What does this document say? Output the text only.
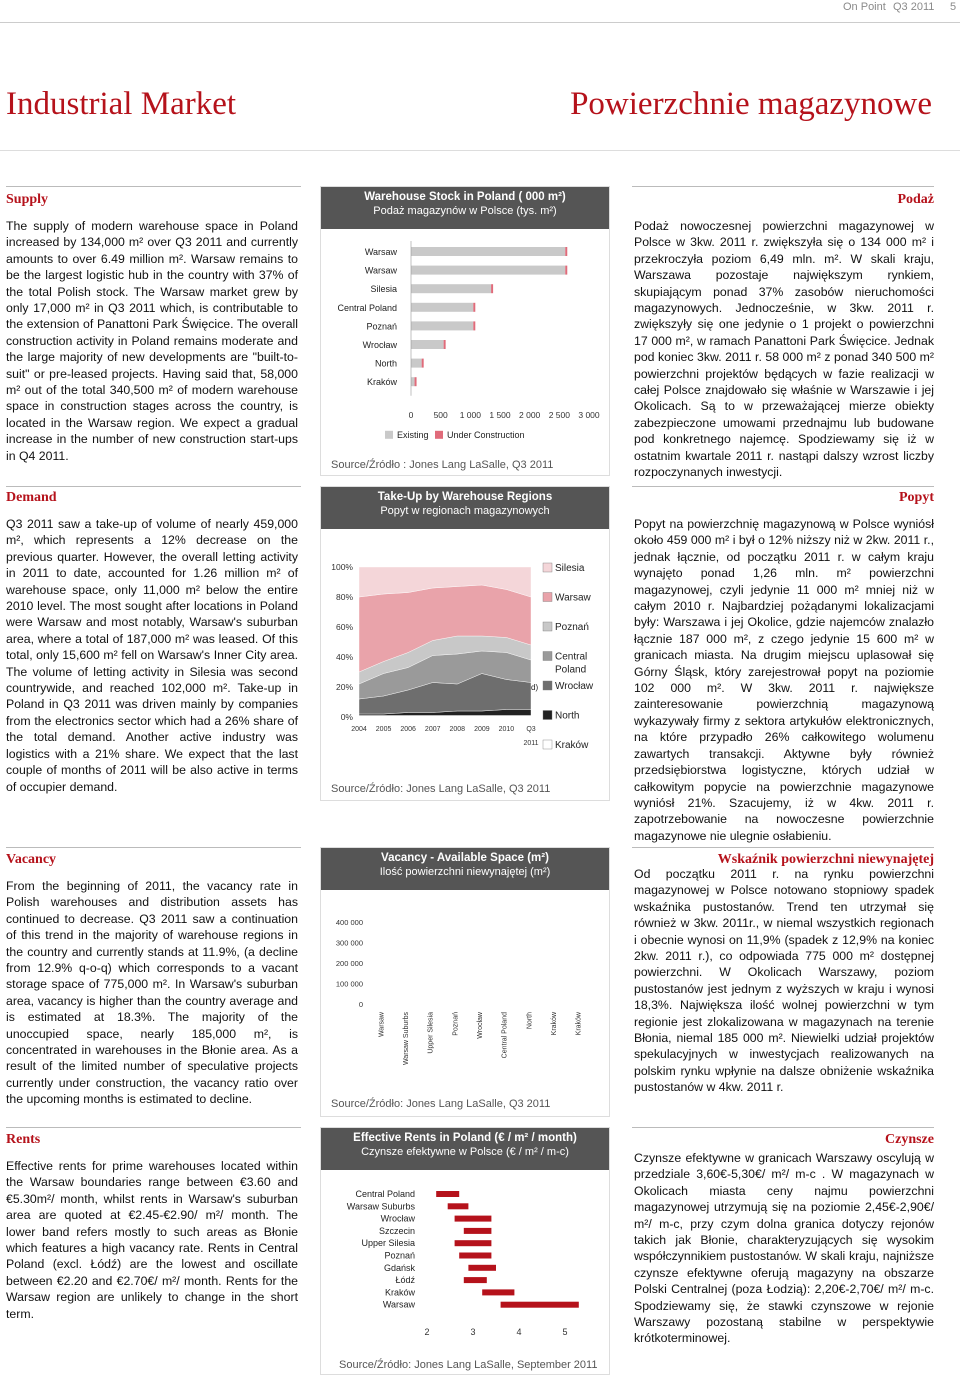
On Point Q3 2011 5
Industrial Market	Powierzchnie magazynowe
Supply	Podaż
The supply of modern warehouse space in Poland increased by 134,000 m² over Q3 2011 and currently amounts to over 6.49 million m². Warsaw remains to be the largest logistic hub in the country with 37% of the total Polish stock. The Warsaw market grew by only 17,000 m² in Q3 2011 which, is contributable to the extension of Panattoni Park Święcice. The overall construction activity in Poland remains moderate and the large majority of new developments are "built-to-suit" or pre-leased projects. Having said that, 58,000 m² out of the total 340,500 m² of modern warehouse space in construction stages across the country, is located in the Warsaw region. We expect a gradual increase in the number of new construction start-ups in Q4 2011.
Podaż nowoczesnej powierzchni magazynowej w Polsce w 3kw. 2011 r. zwiększyła się o 134 000 m² i przekroczyła poziom 6,49 mln. m². W skali kraju, Warszawa pozostaje największym rynkiem, skupiającym ponad 37% zasobów nieruchomości magazynowych. Jednocześnie, w 3kw. 2011 r. zwiększyły się one jedynie o 1 projekt o powierzchni 17 000 m², w ramach Panattoni Park Święcice. Jednak pod koniec 3kw. 2011 r. 58 000 m² z ponad 340 500 m² powierzchni projektów będących w fazie realizacji w całej Polsce znajdowało się właśnie w Warszawie i jej Okolicach. Są to w przeważającej mierze obiekty zabezpieczone umowami przednajmu lub budowane pod konkretnego najemcę. Spodziewamy się iż w ostatnim kwartale 2011 r. nastąpi dalszy wzrost liczby rozpoczynanych inwestycji.
Warehouse Stock in Poland ( 000 m²)
Podaż magazynów w Polsce (tys. m²)
Warsaw
Warsaw
Silesia
Central Poland
Poznań
Wrocław
North
Kraków
0 500 1 000 1 500 2 000 2 500 3 000
Existing Under Construction
Source/Źródło : Jones Lang LaSalle, Q3 2011
Demand	Popyt
Q3 2011 saw a take-up of volume of nearly 459,000 m², which represents a 12% decrease on the previous quarter. However, the overall letting activity in 2011 to date, accounted for 1.26 million m² of warehouse space, only 11,000 m² below the entire 2010 level. The most sought after locations in Poland were Warsaw and most notably, Warsaw's suburban area, where a total of 187,000 m² was leased. Of this total, only 15,600 m² fell on Warsaw's Inner City area. The volume of letting activity in Silesia was second countrywide, and reached 102,000 m². Take-up in Poland in Q3 2011 was driven mainly by companies from the electronics sector which had a 26% share of the total demand. Another active industry was logistics with a 21% share. We expect that the last couple of months of 2011 will be also active in terms of occupier demand.
Popyt na powierzchnię magazynową w Polsce wyniósł około 459 000 m² i był o 12% niższy niż w 2kw. 2011 r., jednak łącznie, od początku 2011 r. w całym kraju wynajęto ponad 1,26 mln. m² powierzchni magazynowej, czyli jedynie 11 000 m² mniej niż w całym 2010 r. Najbardziej pożądanymi lokalizacjami były: Warszawa i jej Okolice, gdzie najemców znalazło łącznie 187 000 m², z czego jedynie 15 600 m² w granicach miasta. Na drugim miejscu uplasował się Górny Śląsk, który zarejestrował popyt na poziomie 102 000 m². W 3kw. 2011 r. największe zainteresowanie powierzchnią magazynową wykazywały firmy z sektora artykułów elektronicznych, na które przypadło 26% całkowitego wolumenu zawartych transakcji. Aktywne były również przedsiębiorstwa logistyczne, których udział w całkowitym popycie na powierzchnie magazynowe wyniósł 21%. Szacujemy, iż w 4kw. 2011 r. zapotrzebowanie na nowoczesne powierzchnie magazynowe nie ulegnie osłabieniu.
Take-Up by Warehouse Regions
Popyt w regionach magazynowych
0%
20%
40%
60%
80%
100%
2004 2005 2006 2007 2008 2009 2010 Q3
2011
d)
Silesia
Warsaw
Poznań
Central
Poland
Wrocław
North
Kraków
Source/Źródło: Jones Lang LaSalle, Q3 2011
Vacancy	Wskaźnik powierzchni niewynajętej
From the beginning of 2011, the vacancy rate in Polish warehouses and distribution assets has continued to decrease. Q3 2011 saw a continuation of this trend in the majority of warehouse regions in the country and currently stands at 11.9%, (a decline from 12.9% q-o-q) which corresponds to a vacant storage space of 775,000 m². In Warsaw's suburban area, vacancy is higher than the country average and is estimated at 18.3%. The majority of the unoccupied space, nearly 185,000 m², is concentrated in warehouses in the Błonie area. As a result of the limited number of speculative projects currently under construction, the vacancy ratio over the upcoming months is estimated to decline.
Od początku 2011 r. na rynku powierzchni magazynowej w Polsce notowano stopniowy spadek wskaźnika pustostanów. Trend ten utrzymał się również w 3kw. 2011r., w niemal wszystkich regionach i obecnie wynosi on 11,9% (spadek z 12,9% na koniec 2kw. 2011 r.), co odpowiada 775 000 m² dostępnej powierzchni. W Okolicach Warszawy, poziom pustostanów jest jednym z wyższych w kraju i wynosi 18,3%. Największa ilość wolnej powierzchni w tym regionie jest zlokalizowana w magazynach na terenie Błonia, niemal 185 000 m². Niewielki udział projektów spekulacyjnych w inwestycjach realizowanych na polskim rynku wpłynie na dalsze obniżenie wskaźnika pustostanów w 4kw. 2011 r.
Vacancy - Available Space (m²)
Ilość powierzchni niewynajętej (m²)
0
100 000
200 000
300 000
400 000
Warsaw	Warsaw Suburbs	Upper Silesia	Poznań	Wrocław	Central Poland	North	Kraków	Kraków
Source/Źródło: Jones Lang LaSalle, Q3 2011
Rents	Czynsze
Effective rents for prime warehouses located within the Warsaw boundaries range between €3.60 and €5.30m²/ month, whilst rents in Warsaw's suburban area are quoted at €2.45-€2.90/ m²/ month. The lower band refers mostly to such areas as Błonie which features a high vacancy rate. Rents in Central Poland (excl. Łódź) are the lowest and oscillate between €2.20 and €2.70€/ m²/ month. Rents for the Warsaw region are unlikely to change in the short term.
Czynsze efektywne w granicach Warszawy oscylują w przedziale 3,60€-5,30€/ m²/ m-c . W magazynach w Okolicach miasta ceny najmu powierzchni magazynowej utrzymują się na poziomie 2,45€-2,90€/ m²/ m-c, przy czym dolna granica dotyczy rejonów takich jak Błonie, charakteryzujących się wysokim współczynnikiem pustostanów. W skali kraju, najniższe czynsze efektywne oferują magazyny na obszarze Polski Centralnej (poza Łodzią): 2,20€-2,70€/ m²/ m-c. Spodziewamy się, że stawki czynszowe w rejonie Warszawy pozostaną stabilne w perspektywie krótkoterminowej.
Effective Rents in Poland (€ / m² / month)
Czynsze efektywne w Polsce (€ / m² / m-c)
Central Poland
Warsaw Suburbs
Wrocław
Szczecin
Upper Silesia
Poznań
Gdańsk
Łódź
Kraków
Warsaw
2	3	4	5
Source/Źródło: Jones Lang LaSalle, September 2011
